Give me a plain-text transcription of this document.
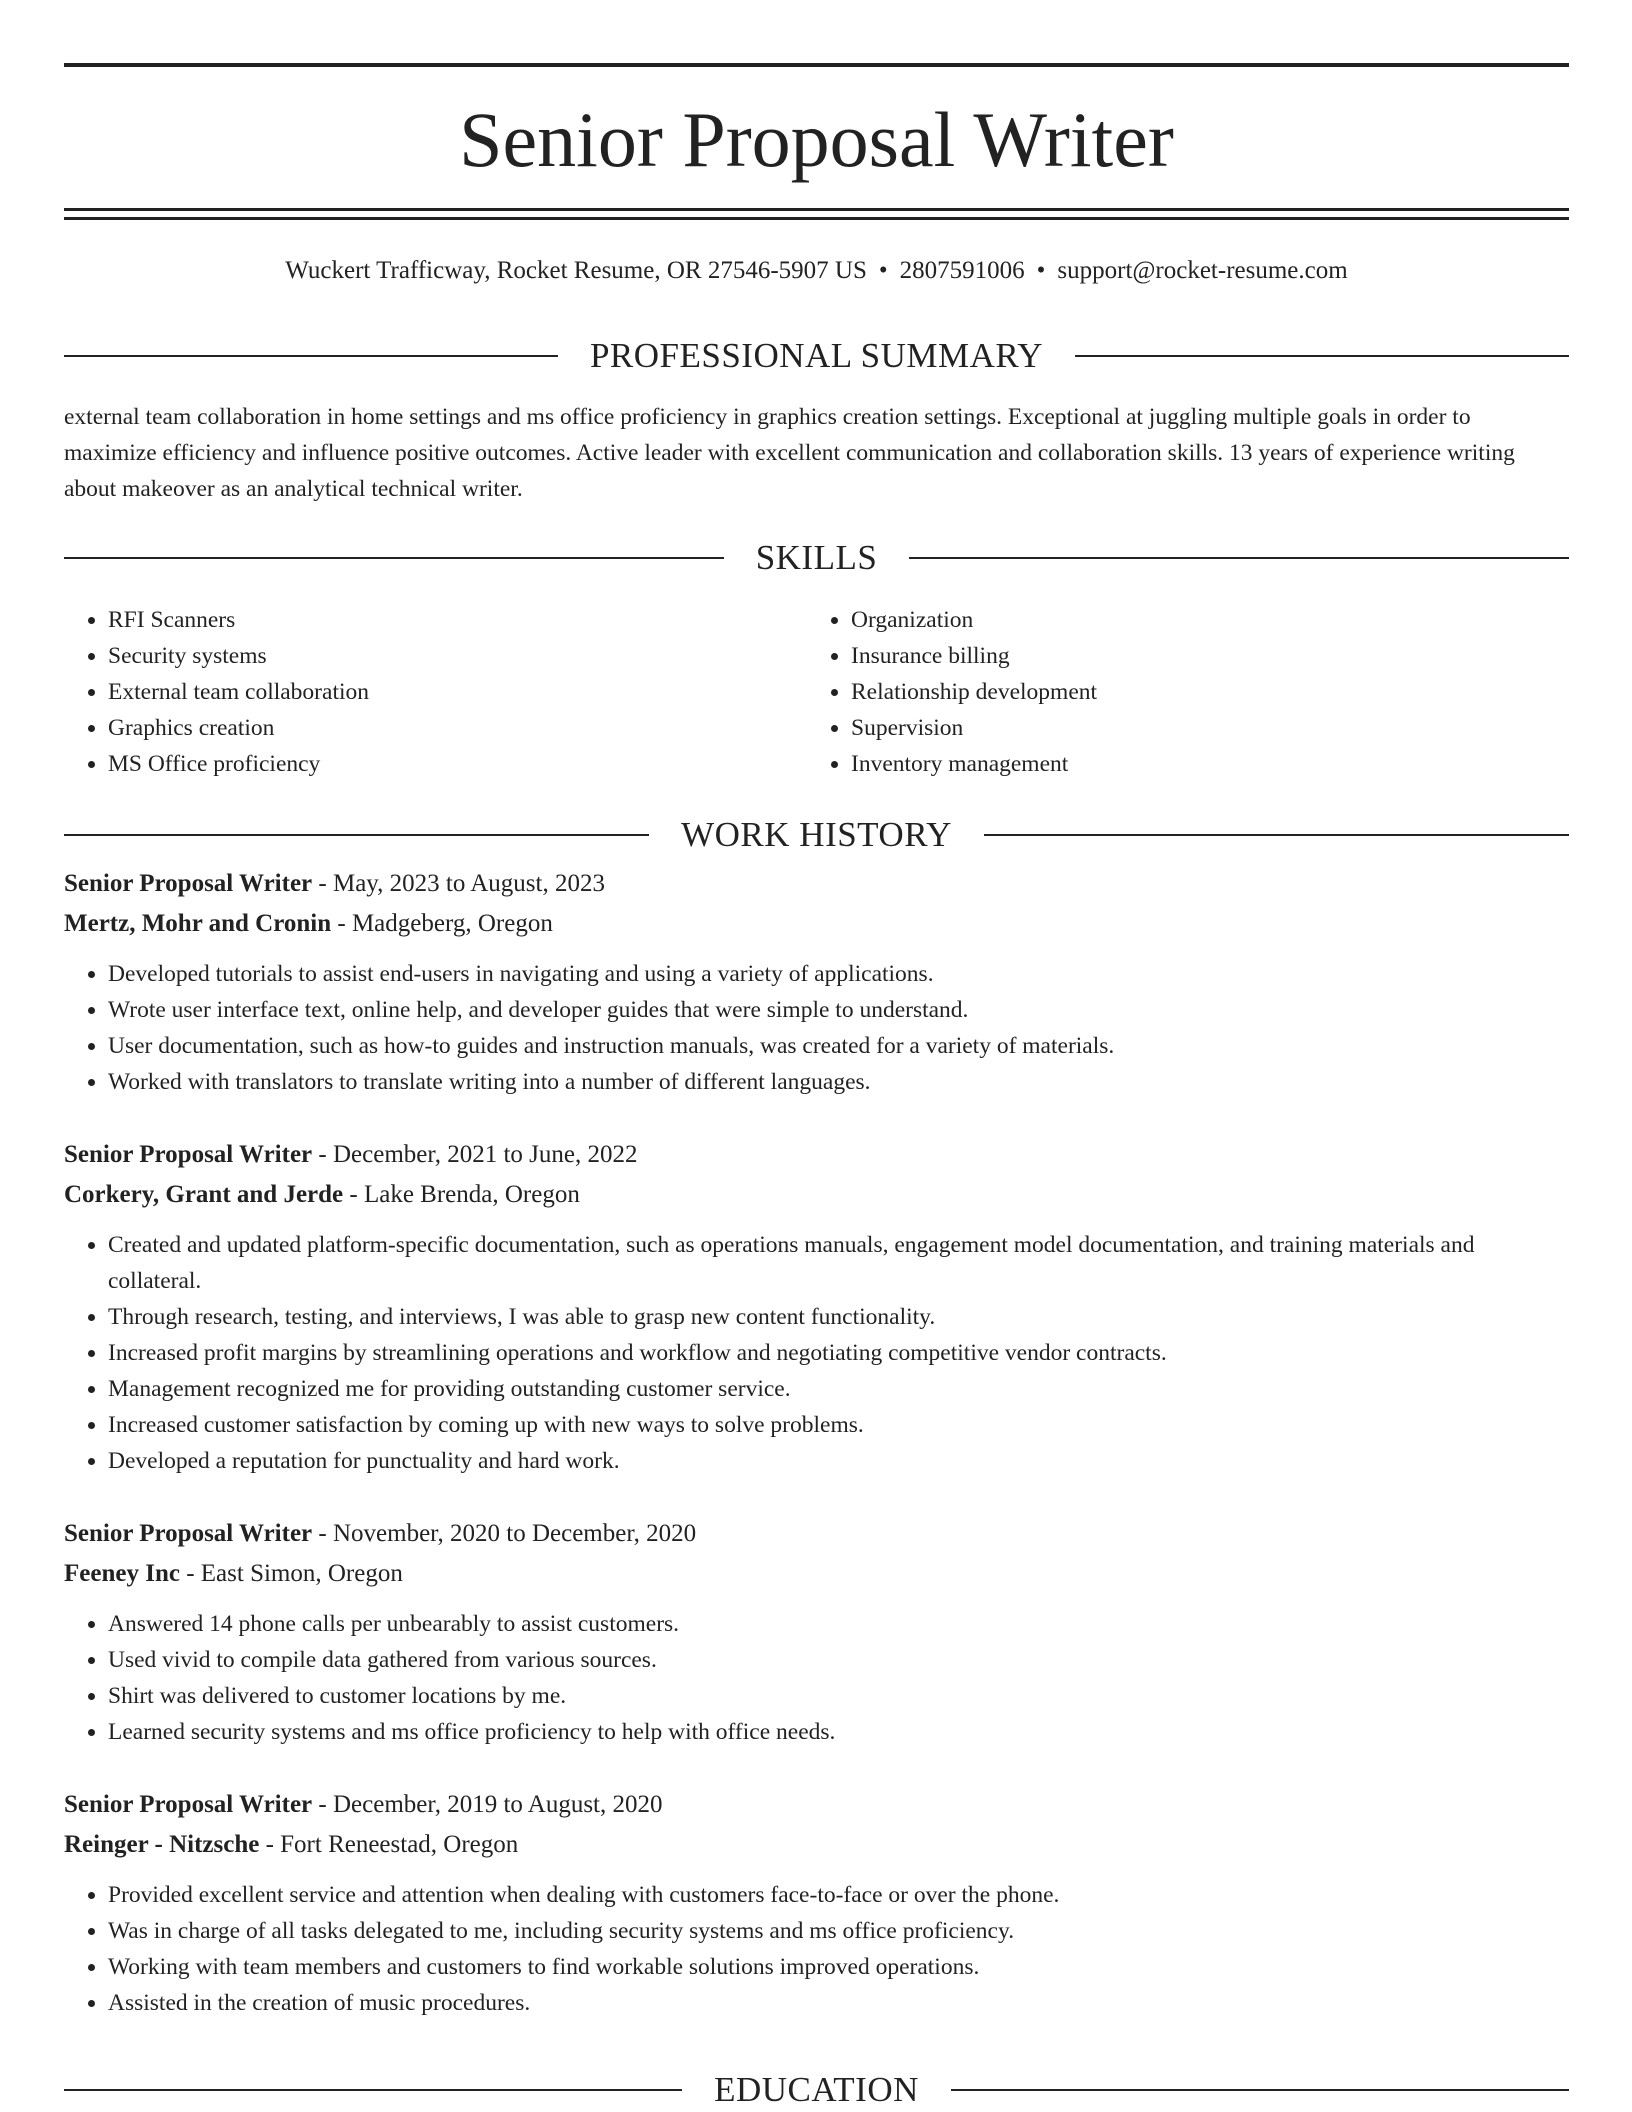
Senior Proposal Writer
Wuckert Trafficway, Rocket Resume, OR 27546-5907 US • 2807591006 • support@rocket-resume.com
PROFESSIONAL SUMMARY

external team collaboration in home settings and ms office proficiency in graphics creation settings. Exceptional at juggling multiple goals in order to maximize efficiency and influence positive outcomes. Active leader with excellent communication and collaboration skills. 13 years of experience writing about makeover as an analytical technical writer.

SKILLS
• RFI Scanners
• Security systems
• External team collaboration
• Graphics creation
• MS Office proficiency
• Organization
• Insurance billing
• Relationship development
• Supervision
• Inventory management
WORK HISTORY
Senior Proposal Writer - May, 2023 to August, 2023
Mertz, Mohr and Cronin - Madgeberg, Oregon
• Developed tutorials to assist end-users in navigating and using a variety of applications.
• Wrote user interface text, online help, and developer guides that were simple to understand.
• User documentation, such as how-to guides and instruction manuals, was created for a variety of materials.
• Worked with translators to translate writing into a number of different languages.
Senior Proposal Writer - December, 2021 to June, 2022
Corkery, Grant and Jerde - Lake Brenda, Oregon
• Created and updated platform-specific documentation, such as operations manuals, engagement model documentation, and training materials and collateral.
• Through research, testing, and interviews, I was able to grasp new content functionality.
• Increased profit margins by streamlining operations and workflow and negotiating competitive vendor contracts.
• Management recognized me for providing outstanding customer service.
• Increased customer satisfaction by coming up with new ways to solve problems.
• Developed a reputation for punctuality and hard work.
Senior Proposal Writer - November, 2020 to December, 2020
Feeney Inc - East Simon, Oregon
• Answered 14 phone calls per unbearably to assist customers.
• Used vivid to compile data gathered from various sources.
• Shirt was delivered to customer locations by me.
• Learned security systems and ms office proficiency to help with office needs.
Senior Proposal Writer - December, 2019 to August, 2020
Reinger - Nitzsche - Fort Reneestad, Oregon
• Provided excellent service and attention when dealing with customers face-to-face or over the phone.
• Was in charge of all tasks delegated to me, including security systems and ms office proficiency.
• Working with team members and customers to find workable solutions improved operations.
• Assisted in the creation of music procedures.
EDUCATION
